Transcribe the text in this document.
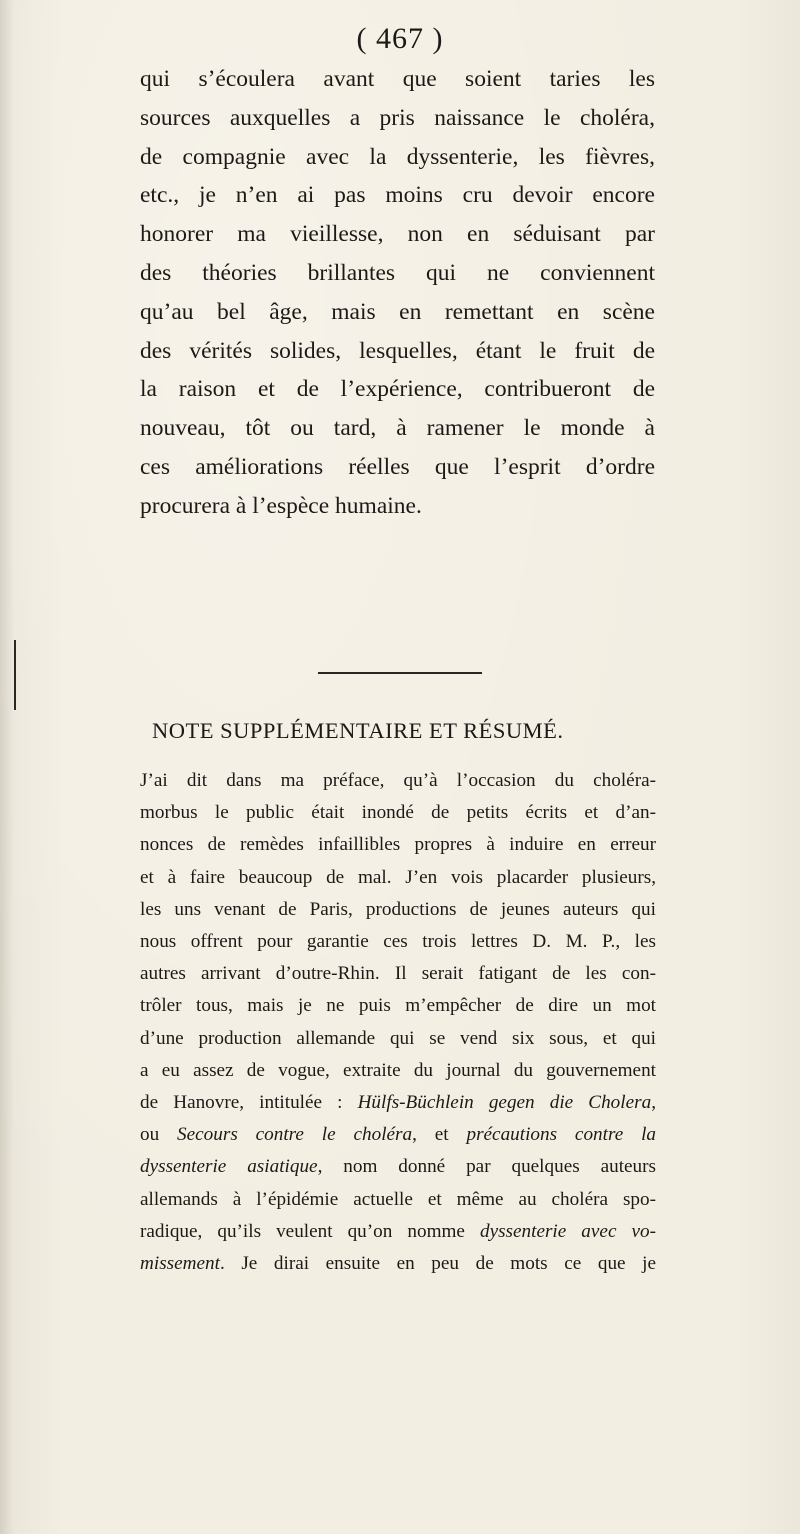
( 467 )
qui s’écoulera avant que soient taries les
sources auxquelles a pris naissance le choléra,
de compagnie avec la dyssenterie, les fièvres,
etc., je n’en ai pas moins cru devoir encore
honorer ma vieillesse, non en séduisant par
des théories brillantes qui ne conviennent
qu’au bel âge, mais en remettant en scène
des vérités solides, lesquelles, étant le fruit de
la raison et de l’expérience, contribueront de
nouveau, tôt ou tard, à ramener le monde à
ces améliorations réelles que l’esprit d’ordre
procurera à l’espèce humaine.
NOTE SUPPLÉMENTAIRE ET RÉSUMÉ.
J’ai dit dans ma préface, qu’à l’occasion du choléra-
morbus le public était inondé de petits écrits et d’an-
nonces de remèdes infaillibles propres à induire en erreur
et à faire beaucoup de mal. J’en vois placarder plusieurs,
les uns venant de Paris, productions de jeunes auteurs qui
nous offrent pour garantie ces trois lettres D. M. P., les
autres arrivant d’outre-Rhin. Il serait fatigant de les con-
trôler tous, mais je ne puis m’empêcher de dire un mot
d’une production allemande qui se vend six sous, et qui
a eu assez de vogue, extraite du journal du gouvernement
de Hanovre, intitulée : Hülfs-Büchlein gegen die Cholera,
ou Secours contre le choléra, et précautions contre la
dyssenterie asiatique, nom donné par quelques auteurs
allemands à l’épidémie actuelle et même au choléra spo-
radique, qu’ils veulent qu’on nomme dyssenterie avec vo-
missement. Je dirai ensuite en peu de mots ce que je
